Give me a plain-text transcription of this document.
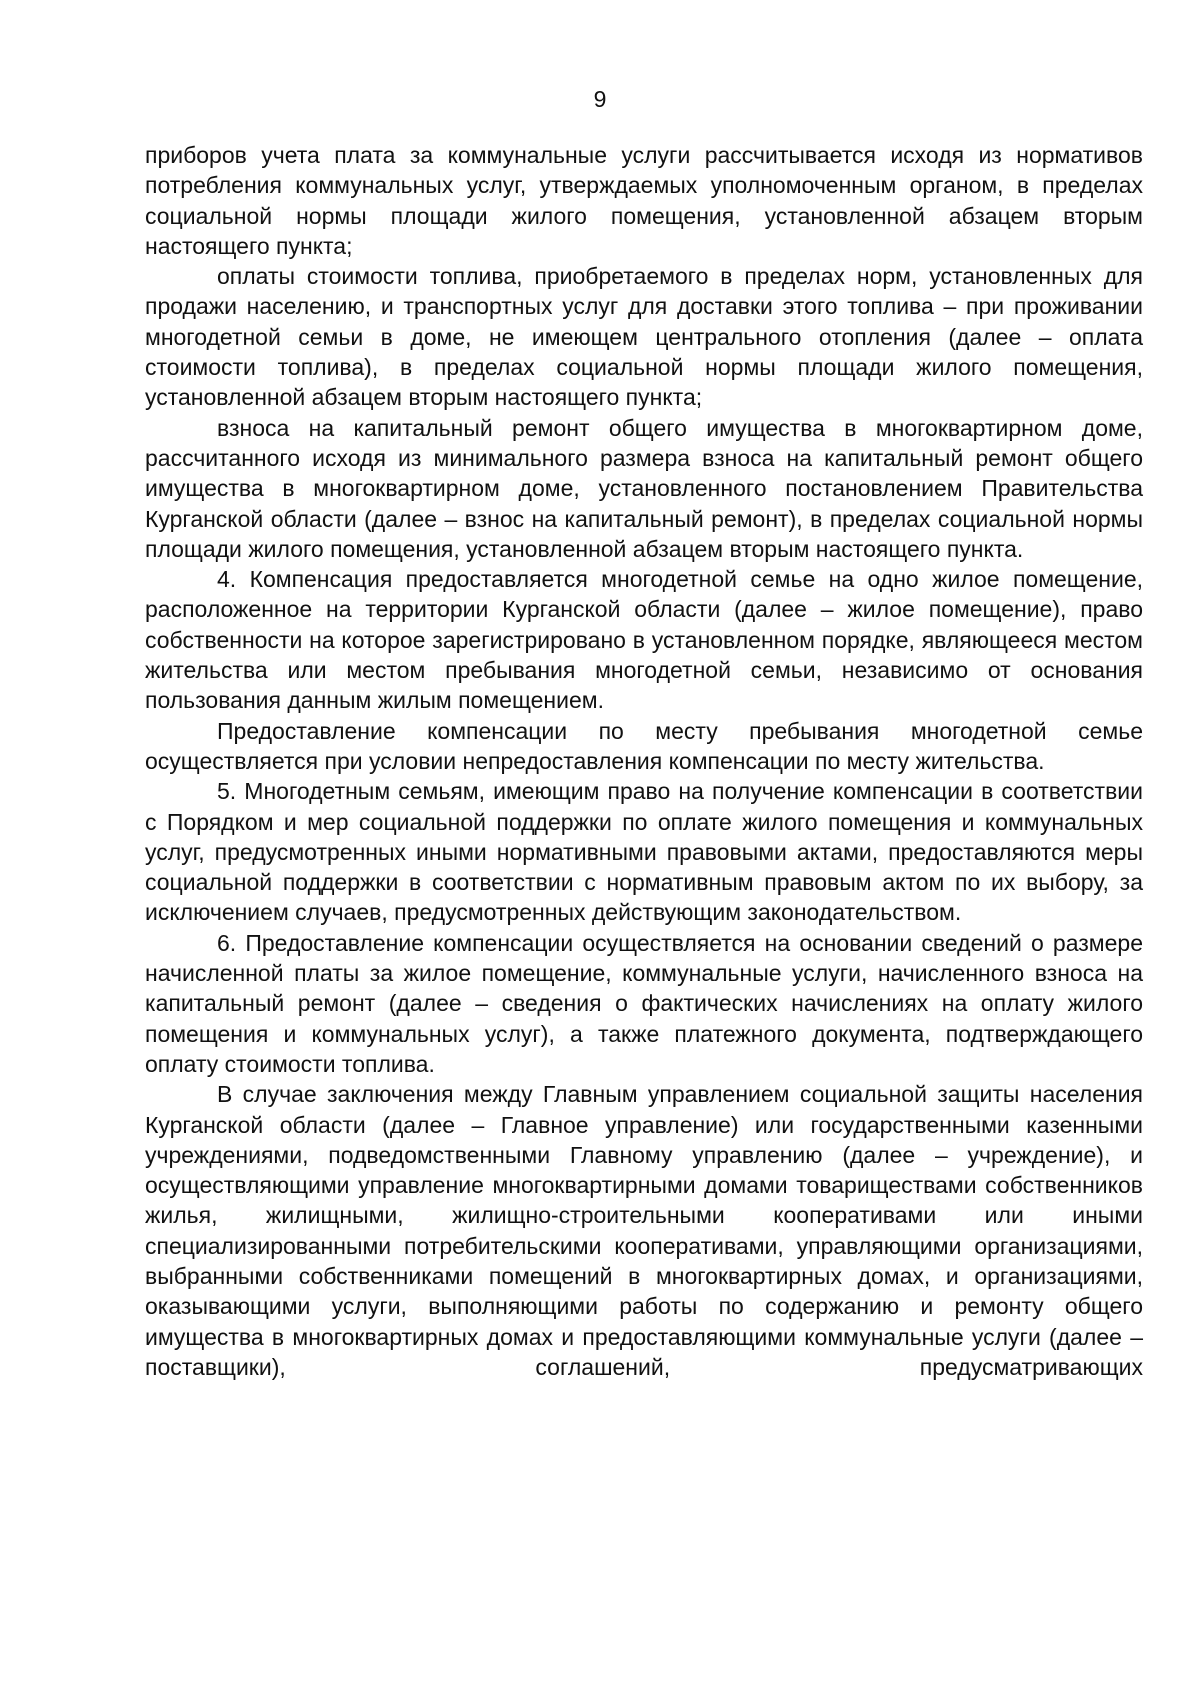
9

приборов учета плата за коммунальные услуги рассчитывается исходя из нормативов потребления коммунальных услуг, утверждаемых уполномоченным органом, в пределах социальной нормы площади жилого помещения, установленной абзацем вторым настоящего пункта;

оплаты стоимости топлива, приобретаемого в пределах норм, установленных для продажи населению, и транспортных услуг для доставки этого топлива – при проживании многодетной семьи в доме, не имеющем центрального отопления (далее – оплата стоимости топлива), в пределах социальной нормы площади жилого помещения, установленной абзацем вторым настоящего пункта;

взноса на капитальный ремонт общего имущества в многоквартирном доме, рассчитанного исходя из минимального размера взноса на капитальный ремонт общего имущества в многоквартирном доме, установленного постановлением Правительства Курганской области (далее – взнос на капитальный ремонт), в пределах социальной нормы площади жилого помещения, установленной абзацем вторым настоящего пункта.

4. Компенсация предоставляется многодетной семье на одно жилое помещение, расположенное на территории Курганской области (далее – жилое помещение), право собственности на которое зарегистрировано в установленном порядке, являющееся местом жительства или местом пребывания многодетной семьи, независимо от основания пользования данным жилым помещением.

Предоставление компенсации по месту пребывания многодетной семье осуществляется при условии непредоставления компенсации по месту жительства.

5. Многодетным семьям, имеющим право на получение компенсации в соответствии с Порядком и мер социальной поддержки по оплате жилого помещения и коммунальных услуг, предусмотренных иными нормативными правовыми актами, предоставляются меры социальной поддержки в соответствии с нормативным правовым актом по их выбору, за исключением случаев, предусмотренных действующим законодательством.

6. Предоставление компенсации осуществляется на основании сведений о размере начисленной платы за жилое помещение, коммунальные услуги, начисленного взноса на капитальный ремонт (далее – сведения о фактических начислениях на оплату жилого помещения и коммунальных услуг), а также платежного документа, подтверждающего оплату стоимости топлива.

В случае заключения между Главным управлением социальной защиты населения Курганской области (далее – Главное управление) или государственными казенными учреждениями, подведомственными Главному управлению (далее – учреждение), и осуществляющими управление многоквартирными домами товариществами собственников жилья, жилищными, жилищно-строительными кооперативами или иными специализированными потребительскими кооперативами, управляющими организациями, выбранными собственниками помещений в многоквартирных домах, и организациями, оказывающими услуги, выполняющими работы по содержанию и ремонту общего имущества в многоквартирных домах и предоставляющими коммунальные услуги (далее – поставщики), соглашений, предусматривающих
